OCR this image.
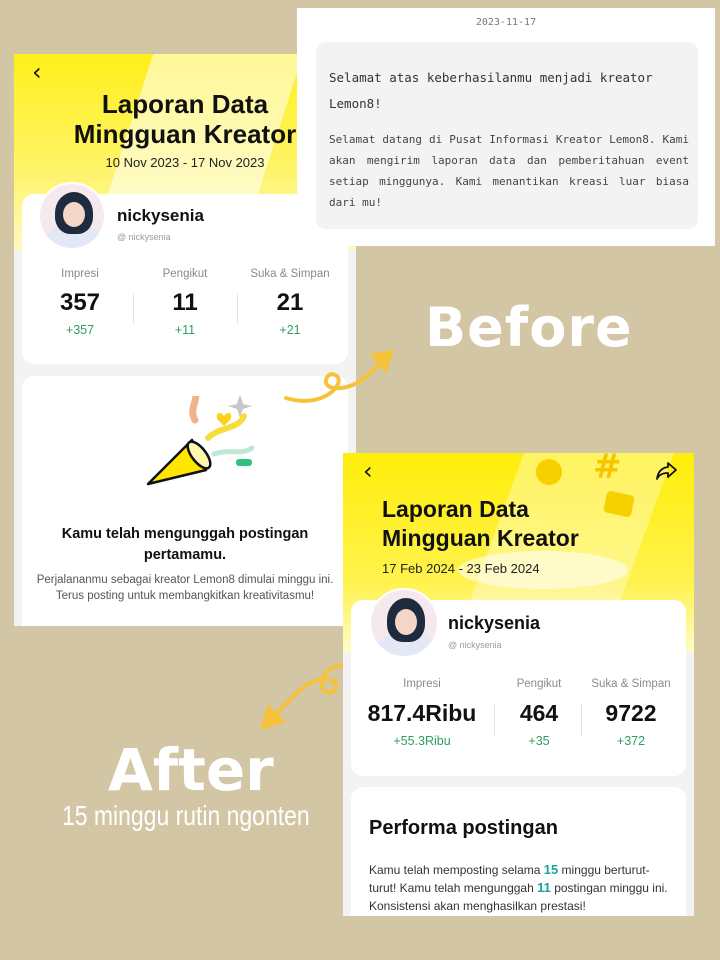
‹
Laporan Data
Mingguan Kreator
10 Nov 2023 - 17 Nov 2023
nickysenia
@ nickysenia
Impresi
357
+357
Pengikut
11
+11
Suka & Simpan
21
+21
Kamu telah mengunggah postingan pertamamu.
Perjalananmu sebagai kreator Lemon8 dimulai minggu ini. Terus posting untuk membangkitkan kreativitasmu!
2023-11-17
Selamat atas keberhasilanmu menjadi kreator Lemon8!
Selamat datang di Pusat Informasi Kreator Lemon8. Kami akan mengirim laporan data dan pemberitahuan event setiap minggunya. Kami menantikan kreasi luar biasa dari mu!
Before
After
15 minggu rutin ngonten
#
‹
Laporan Data
Mingguan Kreator
17 Feb 2024 - 23 Feb 2024
nickysenia
@ nickysenia
Impresi
817.4Ribu
+55.3Ribu
Pengikut
464
+35
Suka & Simpan
9722
+372
Performa postingan
Kamu telah memposting selama 15 minggu berturut-turut! Kamu telah mengunggah 11 postingan minggu ini. Konsistensi akan menghasilkan prestasi!
